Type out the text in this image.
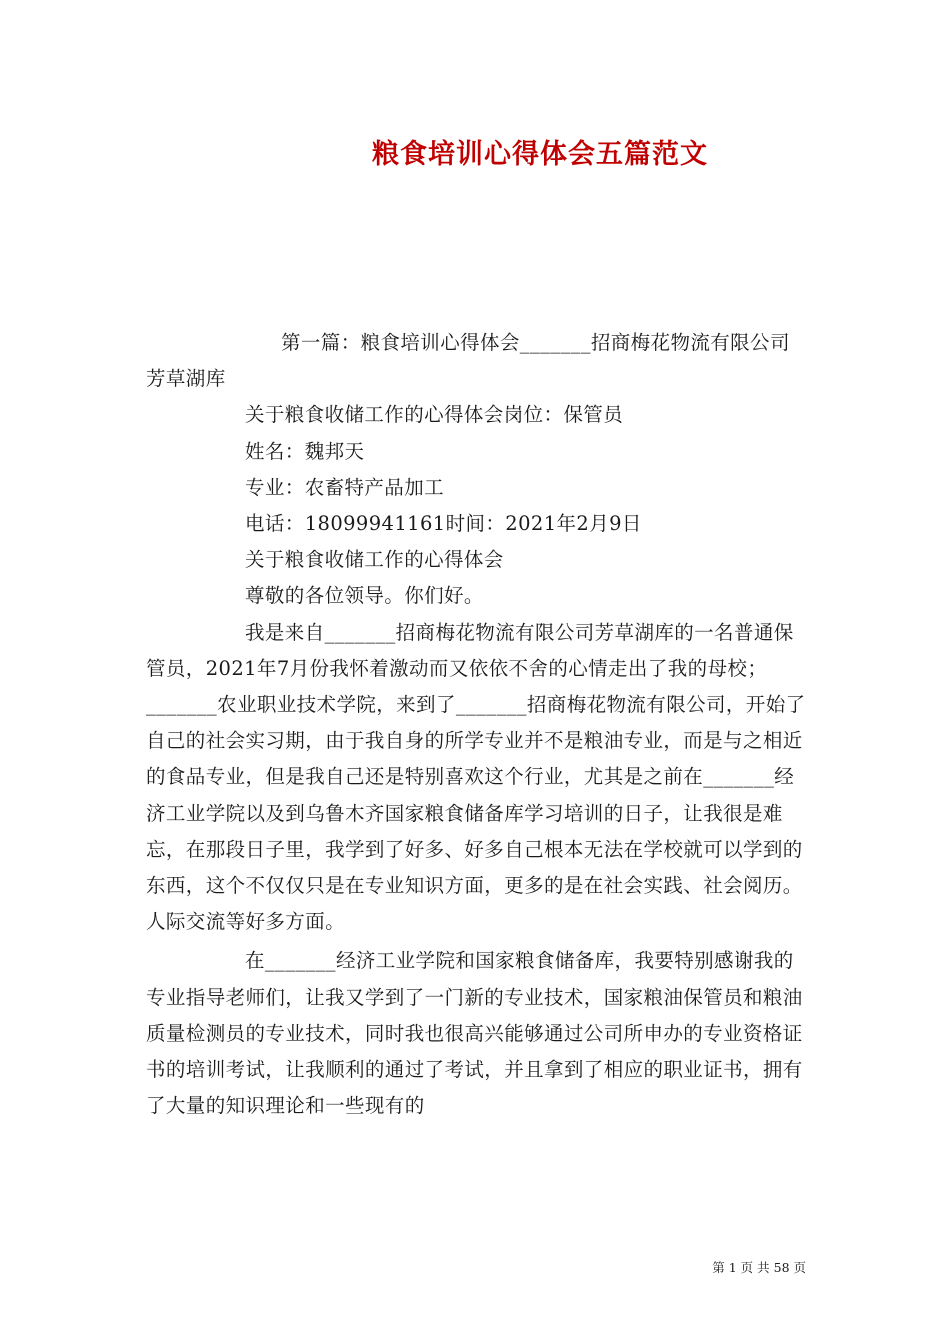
粮食培训心得体会五篇范文

第一篇：粮食培训心得体会_______招商梅花物流有限公司芳草湖库

关于粮食收储工作的心得体会岗位：保管员

姓名：魏邦天

专业：农畜特产品加工

电话：18099941161时间：2021年2月9日

关于粮食收储工作的心得体会

尊敬的各位领导。你们好。

我是来自_______招商梅花物流有限公司芳草湖库的一名普通保管员，2021年7月份我怀着激动而又依依不舍的心情走出了我的母校；_______农业职业技术学院，来到了_______招商梅花物流有限公司，开始了自己的社会实习期，由于我自身的所学专业并不是粮油专业，而是与之相近的食品专业，但是我自己还是特别喜欢这个行业，尤其是之前在_______经济工业学院以及到乌鲁木齐国家粮食储备库学习培训的日子，让我很是难忘，在那段日子里，我学到了好多、好多自己根本无法在学校就可以学到的东西，这个不仅仅只是在专业知识方面，更多的是在社会实践、社会阅历。人际交流等好多方面。

在_______经济工业学院和国家粮食储备库，我要特别感谢我的专业指导老师们，让我又学到了一门新的专业技术，国家粮油保管员和粮油质量检测员的专业技术，同时我也很高兴能够通过公司所申办的专业资格证书的培训考试，让我顺利的通过了考试，并且拿到了相应的职业证书，拥有了大量的知识理论和一些现有的

第 1 页 共 58 页
